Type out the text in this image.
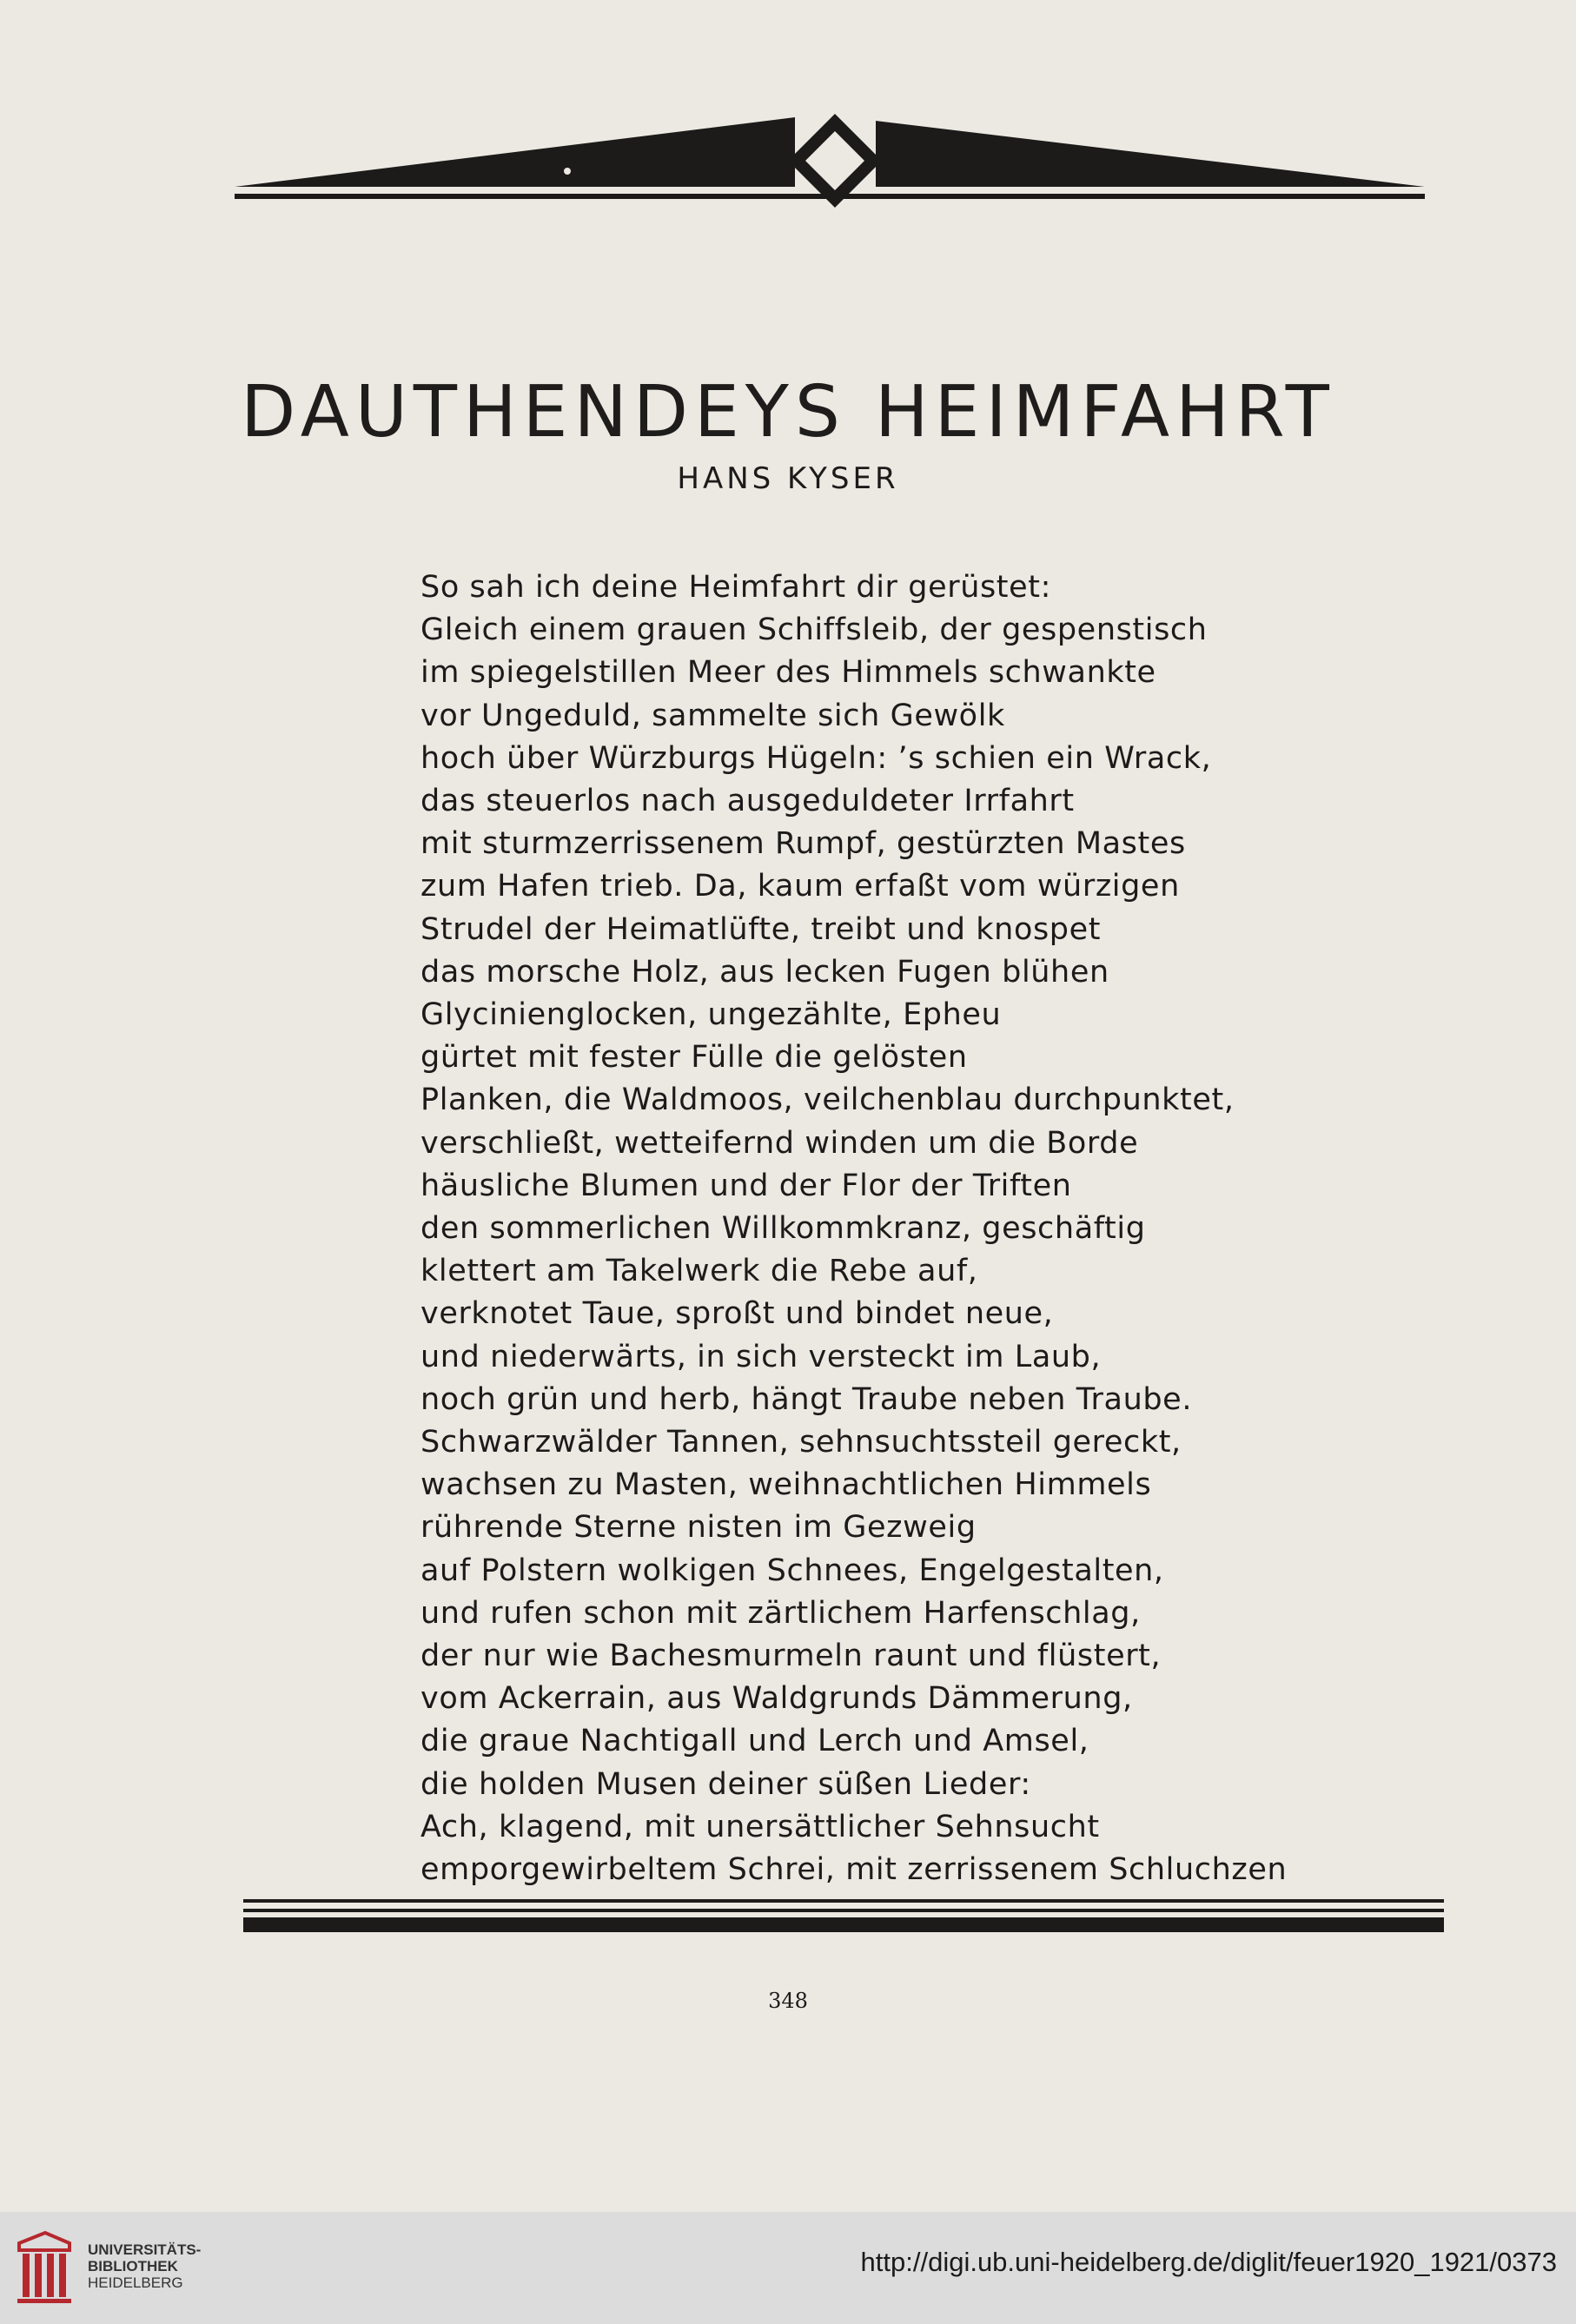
DAUTHENDEYS HEIMFAHRT
HANS KYSER
So sah ich deine Heimfahrt dir gerüstet:
Gleich einem grauen Schiffsleib, der gespenstisch
im spiegelstillen Meer des Himmels schwankte
vor Ungeduld, sammelte sich Gewölk
hoch über Würzburgs Hügeln: ’s schien ein Wrack,
das steuerlos nach ausgeduldeter Irrfahrt
mit sturmzerrissenem Rumpf, gestürzten Mastes
zum Hafen trieb. Da, kaum erfaßt vom würzigen
Strudel der Heimatlüfte, treibt und knospet
das morsche Holz, aus lecken Fugen blühen
Glycinienglocken, ungezählte, Epheu
gürtet mit fester Fülle die gelösten
Planken, die Waldmoos, veilchenblau durchpunktet,
verschließt, wetteifernd winden um die Borde
häusliche Blumen und der Flor der Triften
den sommerlichen Willkommkranz, geschäftig
klettert am Takelwerk die Rebe auf,
verknotet Taue, sproßt und bindet neue,
und niederwärts, in sich versteckt im Laub,
noch grün und herb, hängt Traube neben Traube.
Schwarzwälder Tannen, sehnsuchtssteil gereckt,
wachsen zu Masten, weihnachtlichen Himmels
rührende Sterne nisten im Gezweig
auf Polstern wolkigen Schnees, Engelgestalten,
und rufen schon mit zärtlichem Harfenschlag,
der nur wie Bachesmurmeln raunt und flüstert,
vom Ackerrain, aus Waldgrunds Dämmerung,
die graue Nachtigall und Lerch und Amsel,
die holden Musen deiner süßen Lieder:
Ach, klagend, mit unersättlicher Sehnsucht
emporgewirbeltem Schrei, mit zerrissenem Schluchzen
348
UNIVERSITÄTS-
BIBLIOTHEK
HEIDELBERG
http://digi.ub.uni-heidelberg.de/diglit/feuer1920_1921/0373
